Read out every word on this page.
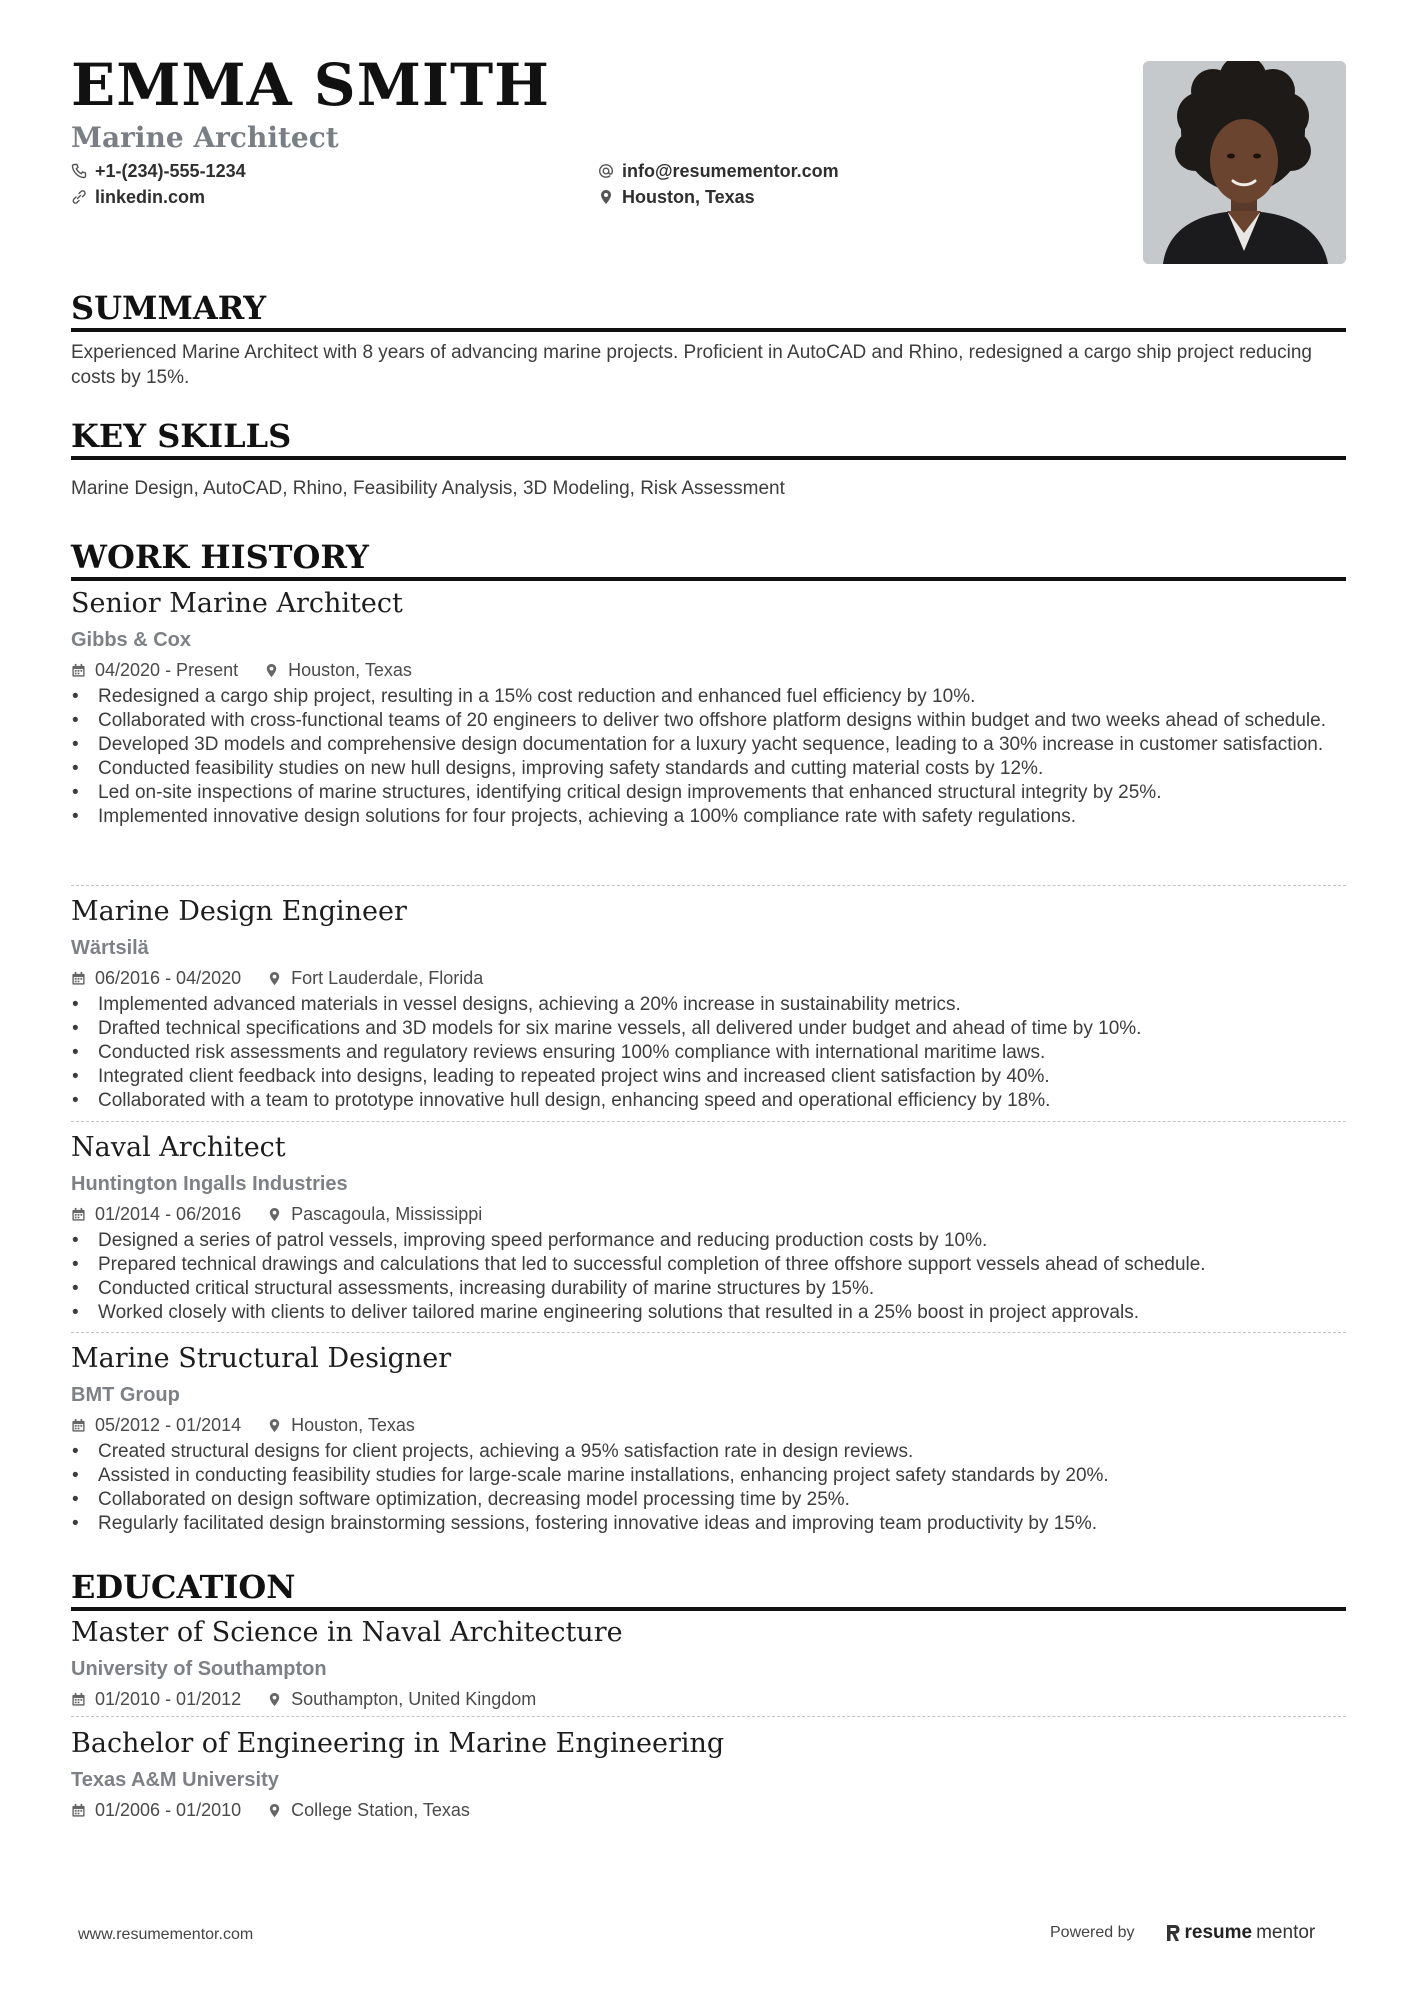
EMMA SMITH
Marine Architect
+1-(234)-555-1234
linkedin.com
info@resumementor.com
Houston, Texas
SUMMARY

Experienced Marine Architect with 8 years of advancing marine projects. Proficient in AutoCAD and Rhino, redesigned a cargo ship project reducing costs by 15%.

KEY SKILLS

Marine Design, AutoCAD, Rhino, Feasibility Analysis, 3D Modeling, Risk Assessment

WORK HISTORY
Senior Marine Architect
Gibbs & Cox
04/2020 - Present	Houston, Texas
• Redesigned a cargo ship project, resulting in a 15% cost reduction and enhanced fuel efficiency by 10%.
• Collaborated with cross-functional teams of 20 engineers to deliver two offshore platform designs within budget and two weeks ahead of schedule.
• Developed 3D models and comprehensive design documentation for a luxury yacht sequence, leading to a 30% increase in customer satisfaction.
• Conducted feasibility studies on new hull designs, improving safety standards and cutting material costs by 12%.
• Led on-site inspections of marine structures, identifying critical design improvements that enhanced structural integrity by 25%.
• Implemented innovative design solutions for four projects, achieving a 100% compliance rate with safety regulations.
Marine Design Engineer
Wärtsilä
06/2016 - 04/2020	Fort Lauderdale, Florida
• Implemented advanced materials in vessel designs, achieving a 20% increase in sustainability metrics.
• Drafted technical specifications and 3D models for six marine vessels, all delivered under budget and ahead of time by 10%.
• Conducted risk assessments and regulatory reviews ensuring 100% compliance with international maritime laws.
• Integrated client feedback into designs, leading to repeated project wins and increased client satisfaction by 40%.
• Collaborated with a team to prototype innovative hull design, enhancing speed and operational efficiency by 18%.
Naval Architect
Huntington Ingalls Industries
01/2014 - 06/2016	Pascagoula, Mississippi
• Designed a series of patrol vessels, improving speed performance and reducing production costs by 10%.
• Prepared technical drawings and calculations that led to successful completion of three offshore support vessels ahead of schedule.
• Conducted critical structural assessments, increasing durability of marine structures by 15%.
• Worked closely with clients to deliver tailored marine engineering solutions that resulted in a 25% boost in project approvals.
Marine Structural Designer
BMT Group
05/2012 - 01/2014	Houston, Texas
• Created structural designs for client projects, achieving a 95% satisfaction rate in design reviews.
• Assisted in conducting feasibility studies for large-scale marine installations, enhancing project safety standards by 20%.
• Collaborated on design software optimization, decreasing model processing time by 25%.
• Regularly facilitated design brainstorming sessions, fostering innovative ideas and improving team productivity by 15%.
EDUCATION
Master of Science in Naval Architecture
University of Southampton
01/2010 - 01/2012	Southampton, United Kingdom
Bachelor of Engineering in Marine Engineering
Texas A&M University
01/2006 - 01/2010	College Station, Texas
www.resumementor.com	Powered by	resume mentor
